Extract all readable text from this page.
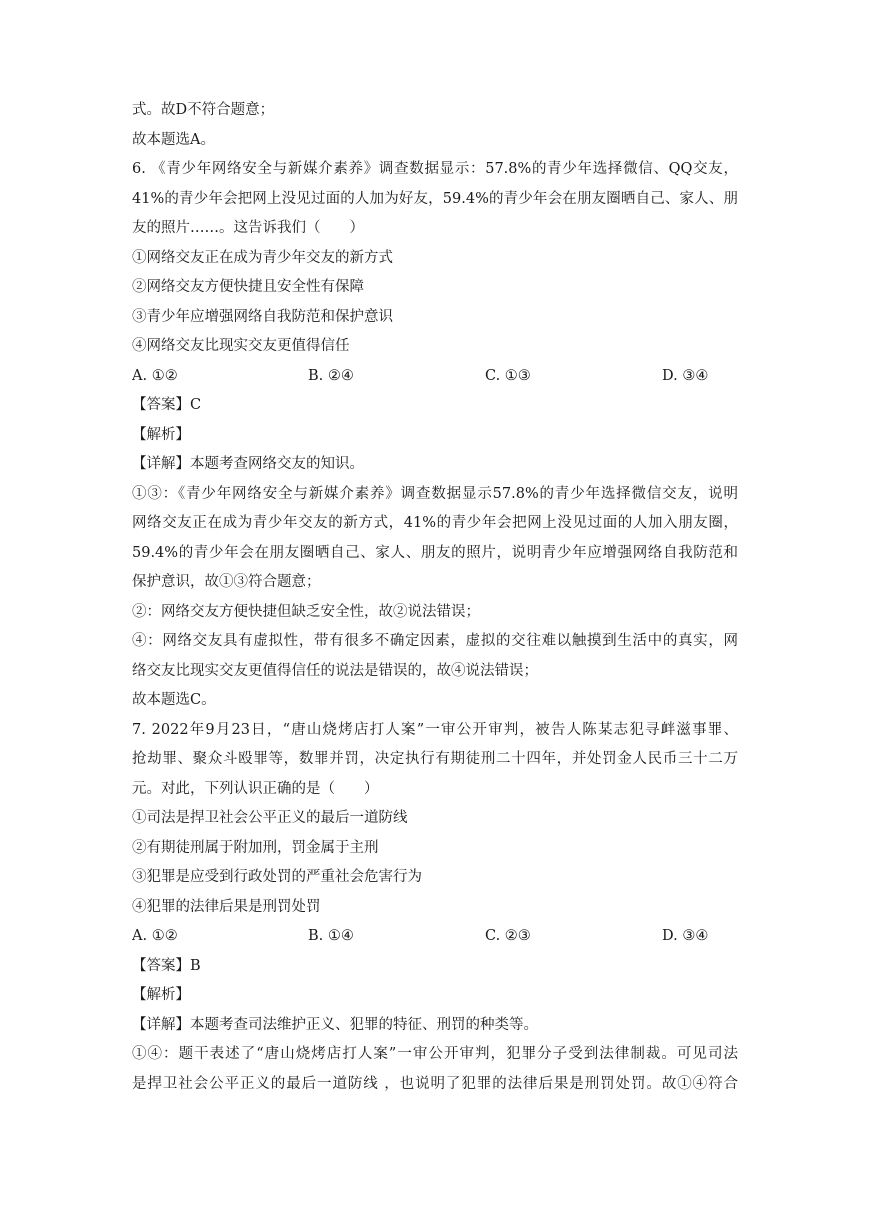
式。故D不符合题意；
故本题选A。
6. 《青少年网络安全与新媒介素养》调查数据显示：57.8%的青少年选择微信、QQ交友，
41%的青少年会把网上没见过面的人加为好友，59.4%的青少年会在朋友圈晒自己、家人、朋
友的照片……。这告诉我们（　　）
①网络交友正在成为青少年交友的新方式
②网络交友方便快捷且安全性有保障
③青少年应增强网络自我防范和保护意识
④网络交友比现实交友更值得信任
A. ①②	B. ②④	C. ①③	D. ③④
【答案】C
【解析】
【详解】本题考查网络交友的知识。
①③：《青少年网络安全与新媒介素养》调查数据显示57.8%的青少年选择微信交友，说明
网络交友正在成为青少年交友的新方式，41%的青少年会把网上没见过面的人加入朋友圈，
59.4%的青少年会在朋友圈晒自己、家人、朋友的照片，说明青少年应增强网络自我防范和
保护意识，故①③符合题意；
②：网络交友方便快捷但缺乏安全性，故②说法错误；
④：网络交友具有虚拟性，带有很多不确定因素，虚拟的交往难以触摸到生活中的真实，网
络交友比现实交友更值得信任的说法是错误的，故④说法错误；
故本题选C。
7. 2022年9月23日，“唐山烧烤店打人案”一审公开审判，被告人陈某志犯寻衅滋事罪、
抢劫罪、聚众斗殴罪等，数罪并罚，决定执行有期徒刑二十四年，并处罚金人民币三十二万
元。对此，下列认识正确的是（　　）
①司法是捍卫社会公平正义的最后一道防线
②有期徒刑属于附加刑，罚金属于主刑
③犯罪是应受到行政处罚的严重社会危害行为
④犯罪的法律后果是刑罚处罚
A. ①②	B. ①④	C. ②③	D. ③④
【答案】B
【解析】
【详解】本题考查司法维护正义、犯罪的特征、刑罚的种类等。
①④：题干表述了“唐山烧烤店打人案”一审公开审判，犯罪分子受到法律制裁。可见司法
是捍卫社会公平正义的最后一道防线 ，也说明了犯罪的法律后果是刑罚处罚。故①④符合
